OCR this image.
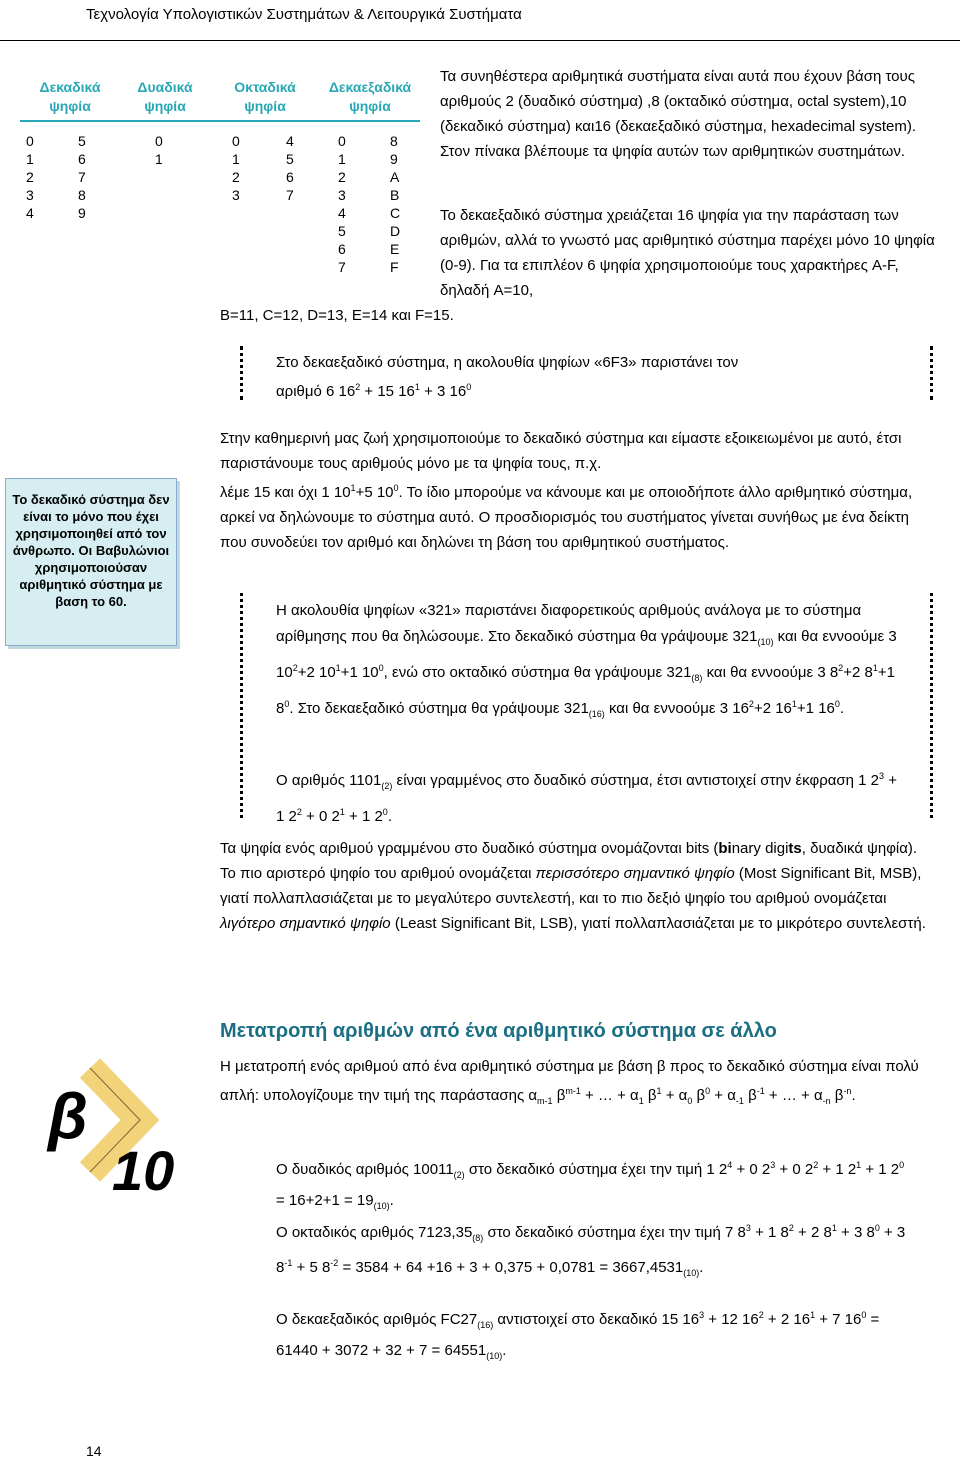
Τεχνολογία Υπολογιστικών Συστημάτων & Λειτουργικά Συστήματα
Δεκαδικά
ψηφία
Δυαδικά
ψηφία
Οκταδικά
ψηφία
Δεκαεξαδικά
ψηφία
0
1
2
3
4
5
6
7
8
9
0
1
0
1
2
3
4
5
6
7
0
1
2
3
4
5
6
7
8
9
A
B
C
D
E
F
Τα συνηθέστερα αριθμητικά συστήματα είναι αυτά που έχουν βάση τους αριθμούς 2 (δυαδικό σύστημα) ,8 (οκταδικό σύστημα, octal system),10 (δεκαδικό σύστημα) και16 (δεκαεξαδικό σύστημα, hexadecimal system). Στον πίνακα βλέπουμε τα ψηφία αυτών των αριθμητικών συστημάτων.
Το δεκαεξαδικό σύστημα χρειάζεται 16 ψηφία για την παράσταση των αριθμών, αλλά το γνωστό μας αριθμητικό σύστημα παρέχει μόνο 10 ψηφία (0-9). Για τα επιπλέον 6 ψηφία χρησιμοποιούμε τους χαρακτήρες A-F, δηλαδή A=10,
B=11, C=12, D=13, E=14 και F=15.
Στο δεκαεξαδικό σύστημα, η ακολουθία ψηφίων «6F3» παριστάνει τον
αριθμό 6 $16^2 + 15$ $16^1 + 3$ $16^0$
Το δεκαδικό σύστημα δεν είναι το μόνο που έχει χρησιμοποιηθεί από τον άνθρωπο. Οι Βαβυλώνιοι χρησιμοποιούσαν αριθμητικό σύστημα με βαση το 60.
Στην καθημερινή μας ζωή χρησιμοποιούμε το δεκαδικό σύστημα και είμαστε εξοικειωμένοι με αυτό, έτσι παριστάνουμε τους αριθμούς μόνο με τα ψηφία τους, π.χ.
λέμε 15 και όχι 1 $10^1+5$ $10^0$. Το ίδιο μπορούμε να κάνουμε και με οποιοδήποτε άλλο αριθμητικό σύστημα, αρκεί να δηλώνουμε το σύστημα αυτό. Ο προσδιορισμός του συστήματος γίνεται συνήθως με ένα δείκτη που συνοδεύει τον αριθμό και δηλώνει τη βάση του αριθμητικού συστήματος.
Η ακολουθία ψηφίων «321» παριστάνει διαφορετικούς αριθμούς ανάλογα με το σύστημα αρίθμησης που θα δηλώσουμε. Στο δεκαδικό σύστημα θα γράψουμε $321_{(10)}$ και θα εννοούμε 3 $10^2+2$ $10^1+1$ $10^0$, ενώ στο οκταδικό σύστημα θα γράψουμε $321_{(8)}$ και θα εννοούμε 3 $8^2+2$ $8^1+1$ $8^0$. Στο δεκαεξαδικό σύστημα θα γράψουμε $321_{(16)}$ και θα εννοούμε 3 $16^2+2$ $16^1+1$ $16^0$.
Ο αριθμός $1101_{(2)}$ είναι γραμμένος στο δυαδικό σύστημα, έτσι αντιστοιχεί στην έκφραση 1 $2^3 + 1$ $2^2 + 0$ $2^1 + 1$ $2^0$.
Τα ψηφία ενός αριθμού γραμμένου στο δυαδικό σύστημα ονομάζονται bits (binary digits, δυαδικά ψηφία). Το πιο αριστερό ψηφίο του αριθμού ονομάζεται περισσότερο σημαντικό ψηφίο (Most Significant Bit, MSB), γιατί πολλαπλασιάζεται με το μεγαλύτερο συντελεστή, και το πιο δεξιό ψηφίο του αριθμού ονομάζεται λιγότερο σημαντικό ψηφίο (Least Significant Bit, LSB), γιατί πολλαπλασιάζεται με το μικρότερο συντελεστή.
β
10
Μετατροπή αριθμών από ένα αριθμητικό σύστημα σε άλλο
Η μετατροπή ενός αριθμού από ένα αριθμητικό σύστημα με βάση β προς το δεκαδικό σύστημα είναι πολύ απλή: υπολογίζουμε την τιμή της παράστασης $\alpha_{m-1}$ $\beta^{m-1}$ + … + $\alpha_1$ $\beta^1 + \alpha_0$ $\beta^0 + \alpha_{-1}$ $\beta^{-1}$ + … + $\alpha_{-n}$ $\beta^{-n}$.
Ο δυαδικός αριθμός $10011_{(2)}$ στο δεκαδικό σύστημα έχει την τιμή 1 $2^4 + 0$ $2^3 + 0$ $2^2 + 1$ $2^1 + 1$ $2^0 = 16+2+1 = 19_{(10)}$.
Ο οκταδικός αριθμός $7123,35_{(8)}$ στο δεκαδικό σύστημα έχει την τιμή 7 $8^3 + 1$ $8^2 + 2$ $8^1 + 3$ $8^0 + 3$ $8^{-1} + 5$ $8^{-2} = 3584 + 64 +16 + 3 + 0,375 + 0,0781 = 3667,4531_{(10)}$.
Ο δεκαεξαδικός αριθμός $FC27_{(16)}$ αντιστοιχεί στο δεκαδικό 15 $16^3 + 12$ $16^2 + 2$ $16^1 + 7$ $16^0 = 61440 + 3072 + 32 + 7 = 64551_{(10)}$.
14
